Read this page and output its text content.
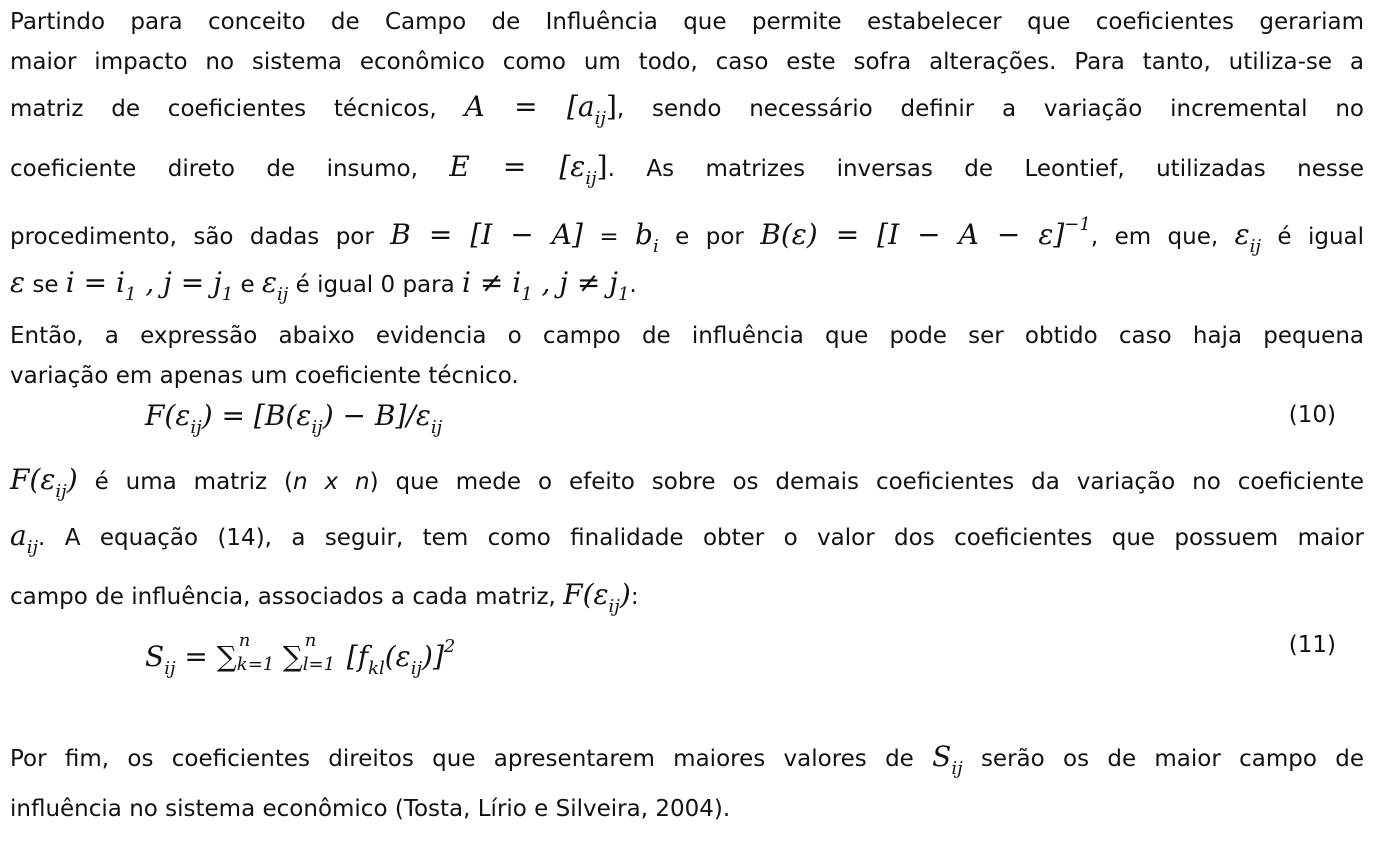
Partindo para conceito de Campo de Influência que permite estabelecer que coeficientes gerariam
maior impacto no sistema econômico como um todo, caso este sofra alterações. Para tanto, utiliza-se a
matriz de coeficientes técnicos, $A = [a_{ij}]$, sendo necessário definir a variação incremental no
coeficiente direto de insumo, $E = [\varepsilon_{ij}]$. As matrizes inversas de Leontief, utilizadas nesse
procedimento, são dadas por $B = [I - A] = b_i$ e por $B(\varepsilon) = [I - A - \varepsilon]^{-1}$, em que, $\varepsilon_{ij}$ é igual
ε se $i = i_1$ , $j = j_1$ e $\varepsilon_{ij}$ é igual 0 para $i \ne i_1$ , $j \ne j_1$.
Então, a expressão abaixo evidencia o campo de influência que pode ser obtido caso haja pequena
variação em apenas um coeficiente técnico.
$F(\varepsilon_{ij}) = [B(\varepsilon_{ij}) - B]/\varepsilon_{ij}$	(10)
$F(\varepsilon_{ij})$ é uma matriz (n x n) que mede o efeito sobre os demais coeficientes da variação no coeficiente
$a_{ij}$. A equação (14), a seguir, tem como finalidade obter o valor dos coeficientes que possuem maior
campo de influência, associados a cada matriz, $F(\varepsilon_{ij})$:
Sij = ∑ n
k=1 ∑ n
l=1 [fkl(εij)]2	(11)
Por fim, os coeficientes direitos que apresentarem maiores valores de $S_{ij}$ serão os de maior campo de
influência no sistema econômico (Tosta, Lírio e Silveira, 2004).
